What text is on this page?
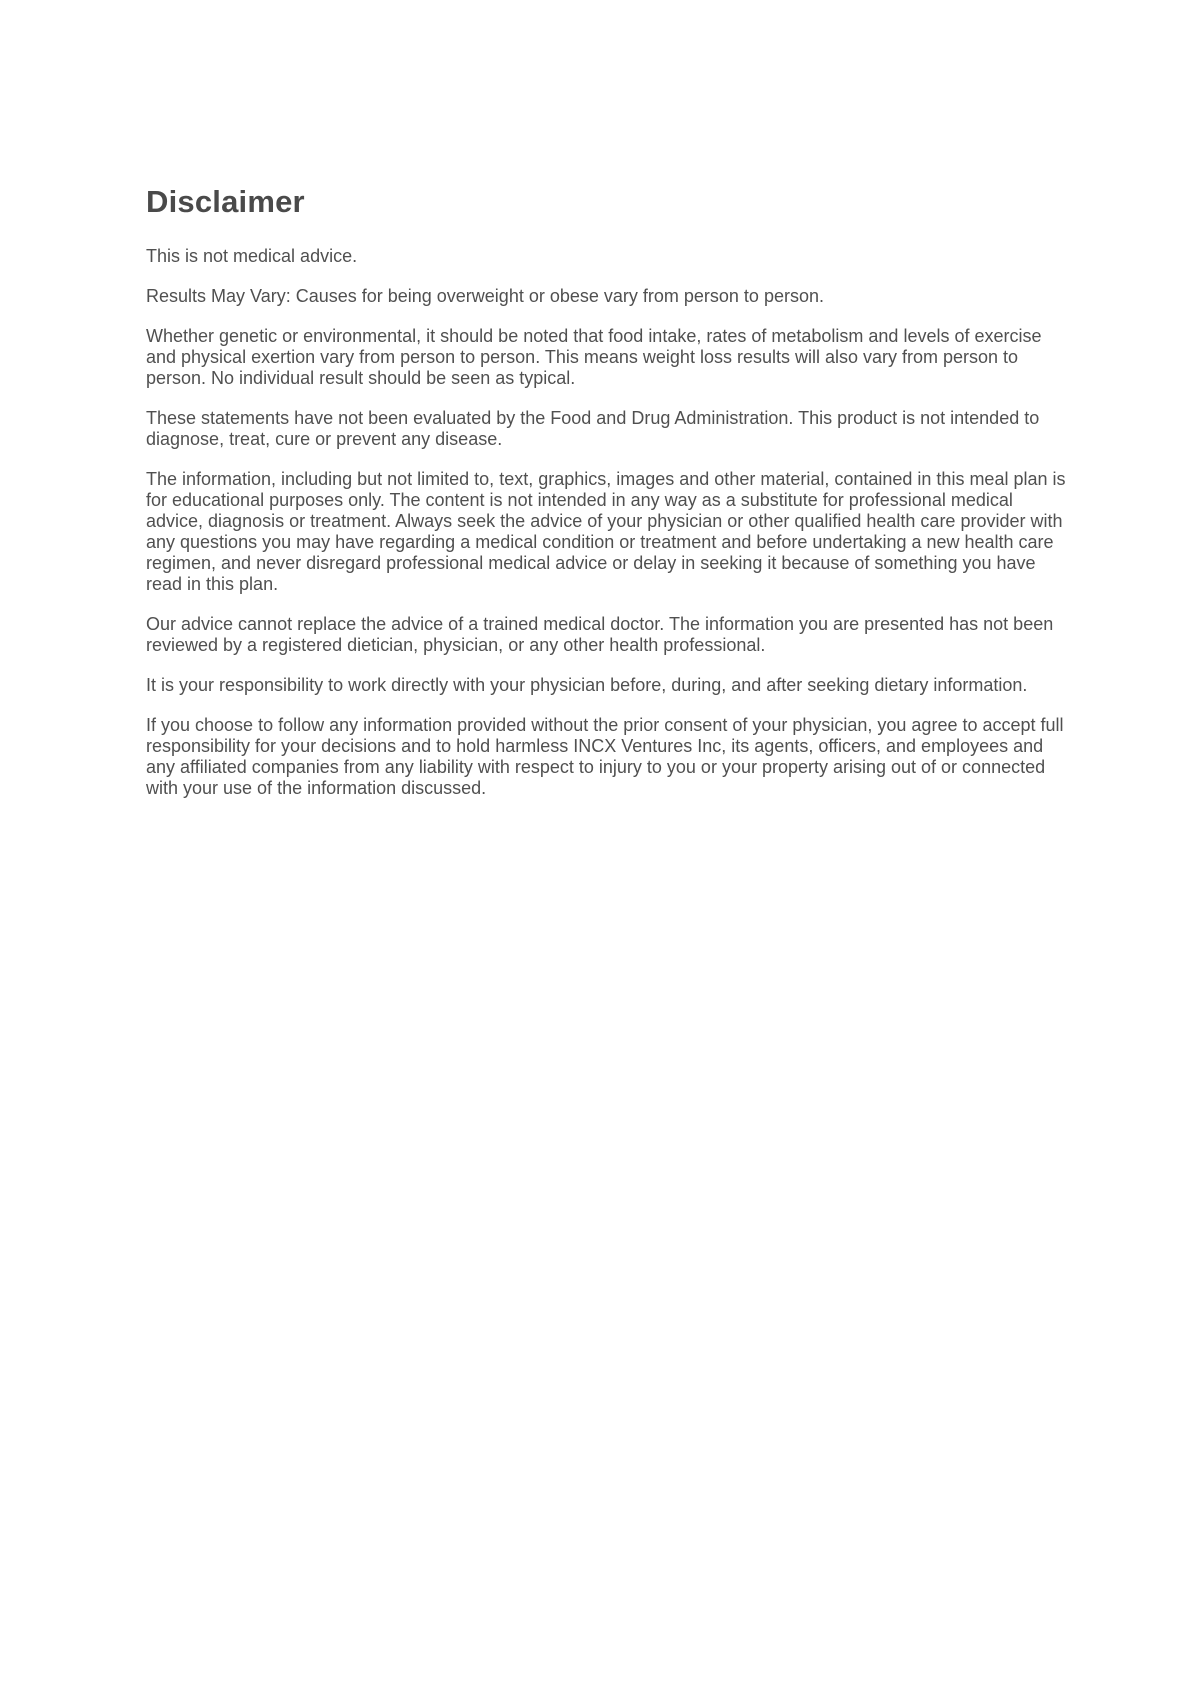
Disclaimer

This is not medical advice.

Results May Vary: Causes for being overweight or obese vary from person to person.

Whether genetic or environmental, it should be noted that food intake, rates of metabolism and levels of exercise and physical exertion vary from person to person. This means weight loss results will also vary from person to person. No individual result should be seen as typical.

These statements have not been evaluated by the Food and Drug Administration. This product is not intended to diagnose, treat, cure or prevent any disease.

The information, including but not limited to, text, graphics, images and other material, contained in this meal plan is for educational purposes only. The content is not intended in any way as a substitute for professional medical advice, diagnosis or treatment. Always seek the advice of your physician or other qualified health care provider with any questions you may have regarding a medical condition or treatment and before undertaking a new health care regimen, and never disregard professional medical advice or delay in seeking it because of something you have read in this plan.

Our advice cannot replace the advice of a trained medical doctor. The information you are presented has not been reviewed by a registered dietician, physician, or any other health professional.

It is your responsibility to work directly with your physician before, during, and after seeking dietary information.

If you choose to follow any information provided without the prior consent of your physician, you agree to accept full responsibility for your decisions and to hold harmless INCX Ventures Inc, its agents, officers, and employees and any affiliated companies from any liability with respect to injury to you or your property arising out of or connected with your use of the information discussed.
